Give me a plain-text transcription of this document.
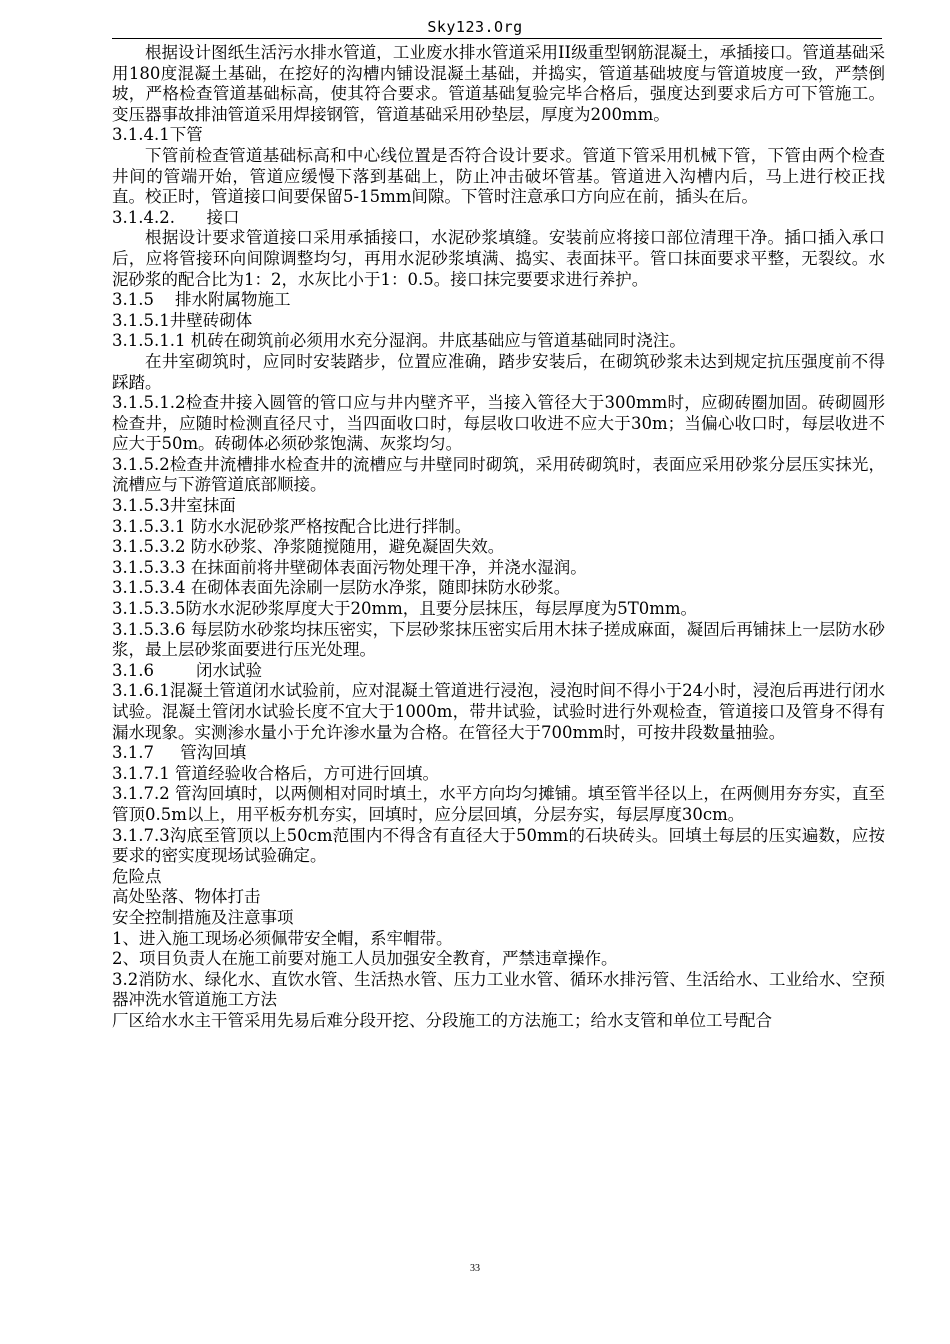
Sky123.Org

根据设计图纸生活污水排水管道，工业废水排水管道采用II级重型钢筋混凝土，承插接口。管道基础采用180度混凝土基础，在挖好的沟槽内铺设混凝土基础，并捣实，管道基础坡度与管道坡度一致，严禁倒坡，严格检查管道基础标高，使其符合要求。管道基础复验完毕合格后，强度达到要求后方可下管施工。变压器事故排油管道采用焊接钢管，管道基础采用砂垫层，厚度为200mm。

3.1.4.1下管

下管前检查管道基础标高和中心线位置是否符合设计要求。管道下管采用机械下管，下管由两个检查井间的管端开始，管道应缓慢下落到基础上，防止冲击破坏管基。管道进入沟槽内后，马上进行校正找直。校正时，管道接口间要保留5-15mm间隙。下管时注意承口方向应在前，插头在后。

3.1.4.2.      接口

根据设计要求管道接口采用承插接口，水泥砂浆填缝。安装前应将接口部位清理干净。插口插入承口后，应将管接环向间隙调整均匀，再用水泥砂浆填满、捣实、表面抹平。管口抹面要求平整，无裂纹。水泥砂浆的配合比为1：2，水灰比小于1：0.5。接口抹完要要求进行养护。

3.1.5    排水附属物施工

3.1.5.1井壁砖砌体

3.1.5.1.1 机砖在砌筑前必须用水充分湿润。井底基础应与管道基础同时浇注。

在井室砌筑时，应同时安装踏步，位置应准确，踏步安装后，在砌筑砂浆未达到规定抗压强度前不得踩踏。

3.1.5.1.2检查井接入圆管的管口应与井内壁齐平，当接入管径大于300mm时，应砌砖圈加固。砖砌圆形检查井，应随时检测直径尺寸，当四面收口时，每层收口收进不应大于30m；当偏心收口时，每层收进不应大于50m。砖砌体必须砂浆饱满、灰浆均匀。

3.1.5.2检查井流槽排水检查井的流槽应与井壁同时砌筑，采用砖砌筑时，表面应采用砂浆分层压实抹光，流槽应与下游管道底部顺接。

3.1.5.3井室抹面

3.1.5.3.1 防水水泥砂浆严格按配合比进行拌制。

3.1.5.3.2 防水砂浆、净浆随搅随用，避免凝固失效。

3.1.5.3.3 在抹面前将井壁砌体表面污物处理干净，并浇水湿润。

3.1.5.3.4 在砌体表面先涂刷一层防水净浆，随即抹防水砂浆。

3.1.5.3.5防水水泥砂浆厚度大于20mm，且要分层抹压，每层厚度为5T0mm。

3.1.5.3.6 每层防水砂浆均抹压密实，下层砂浆抹压密实后用木抹子搓成麻面，凝固后再铺抹上一层防水砂浆，最上层砂浆面要进行压光处理。

3.1.6        闭水试验

3.1.6.1混凝土管道闭水试验前，应对混凝土管道进行浸泡，浸泡时间不得小于24小时，浸泡后再进行闭水试验。混凝土管闭水试验长度不宜大于1000m，带井试验，试验时进行外观检查，管道接口及管身不得有漏水现象。实测渗水量小于允许渗水量为合格。在管径大于700mm时，可按井段数量抽验。

3.1.7     管沟回填

3.1.7.1 管道经验收合格后，方可进行回填。

3.1.7.2 管沟回填时，以两侧相对同时填土，水平方向均匀摊铺。填至管半径以上，在两侧用夯夯实，直至管顶0.5m以上，用平板夯机夯实，回填时，应分层回填，分层夯实，每层厚度30cm。

3.1.7.3沟底至管顶以上50cm范围内不得含有直径大于50mm的石块砖头。回填土每层的压实遍数，应按要求的密实度现场试验确定。

危险点

高处坠落、物体打击

安全控制措施及注意事项

1、进入施工现场必须佩带安全帽，系牢帽带。

2、项目负责人在施工前要对施工人员加强安全教育，严禁违章操作。

3.2消防水、绿化水、直饮水管、生活热水管、压力工业水管、循环水排污管、生活给水、工业给水、空预器冲洗水管道施工方法

厂区给水水主干管采用先易后难分段开挖、分段施工的方法施工；给水支管和单位工号配合

33
